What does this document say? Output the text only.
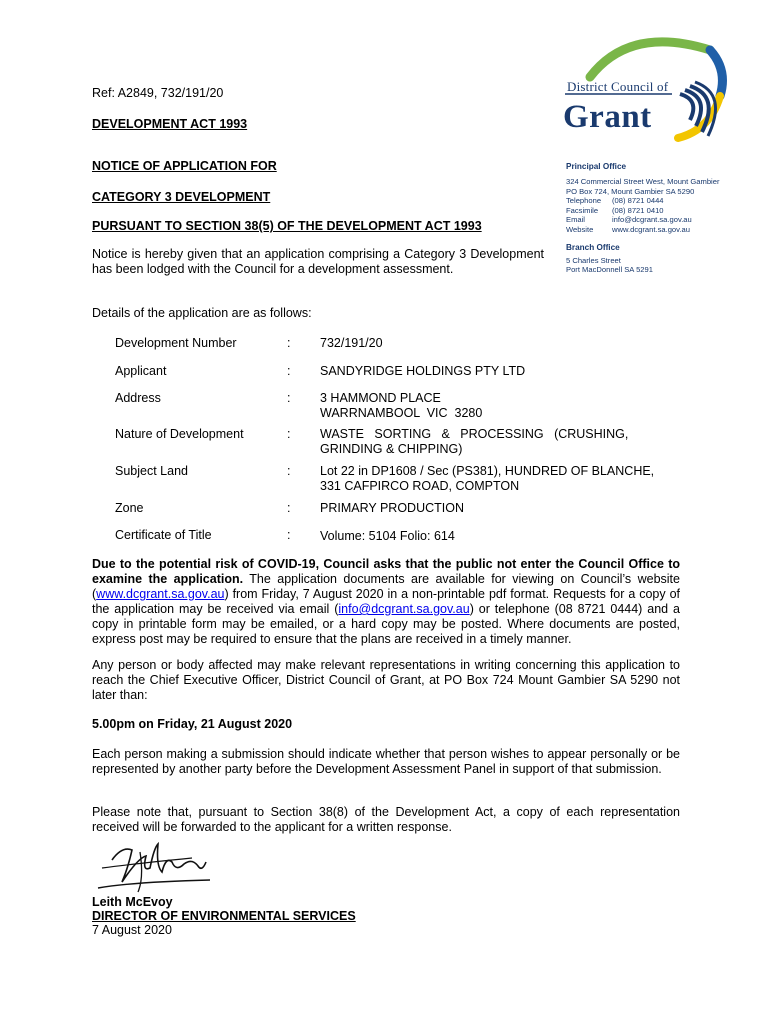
Ref: A2849, 732/191/20	District Council of
Grant
Principal Office
324 Commercial Street West, Mount Gambier
PO Box 724, Mount Gambier SA 5290
Telephone (08) 8721 0444
Facsimile (08) 8721 0410
Email	info@dcgrant.sa.gov.au
Website www.dcgrant.sa.gov.au
Branch Office
5 Charles Street
Port MacDonnell SA 5291
DEVELOPMENT ACT 1993
NOTICE OF APPLICATION FOR
CATEGORY 3 DEVELOPMENT
PURSUANT TO SECTION 38(5) OF THE DEVELOPMENT ACT 1993
Notice is hereby given that an application comprising a Category 3 Development has been lodged with the Council for a development assessment.
Details of the application are as follows:
Development Number	: 732/191/20
Applicant	: SANDYRIDGE HOLDINGS PTY LTD
Address	: 3 HAMMOND PLACE
WARRNAMBOOL  VIC  3280
Nature of Development	: WASTE   SORTING   &   PROCESSING   (CRUSHING,
GRINDING & CHIPPING)
Subject Land	: Lot 22 in DP1608 / Sec (PS381), HUNDRED OF BLANCHE,
331 CAFPIRCO ROAD, COMPTON
Zone	: PRIMARY PRODUCTION
Certificate of Title	: Volume: 5104 Folio: 614
Due to the potential risk of COVID-19, Council asks that the public not enter the Council Office to examine the application. The application documents are available for viewing on Council’s website (www.dcgrant.sa.gov.au) from Friday, 7 August 2020 in a non-printable pdf format. Requests for a copy of the application may be received via email (info@dcgrant.sa.gov.au) or telephone (08 8721 0444) and a copy in printable form may be emailed, or a hard copy may be posted. Where documents are posted, express post may be required to ensure that the plans are received in a timely manner.
Any person or body affected may make relevant representations in writing concerning this application to reach the Chief Executive Officer, District Council of Grant, at PO Box 724 Mount Gambier SA 5290 not later than:
5.00pm on Friday, 21 August 2020
Each person making a submission should indicate whether that person wishes to appear personally or be represented by another party before the Development Assessment Panel in support of that submission.
Please note that, pursuant to Section 38(8) of the Development Act, a copy of each representation received will be forwarded to the applicant for a written response.
Leith McEvoy
DIRECTOR OF ENVIRONMENTAL SERVICES
7 August 2020
